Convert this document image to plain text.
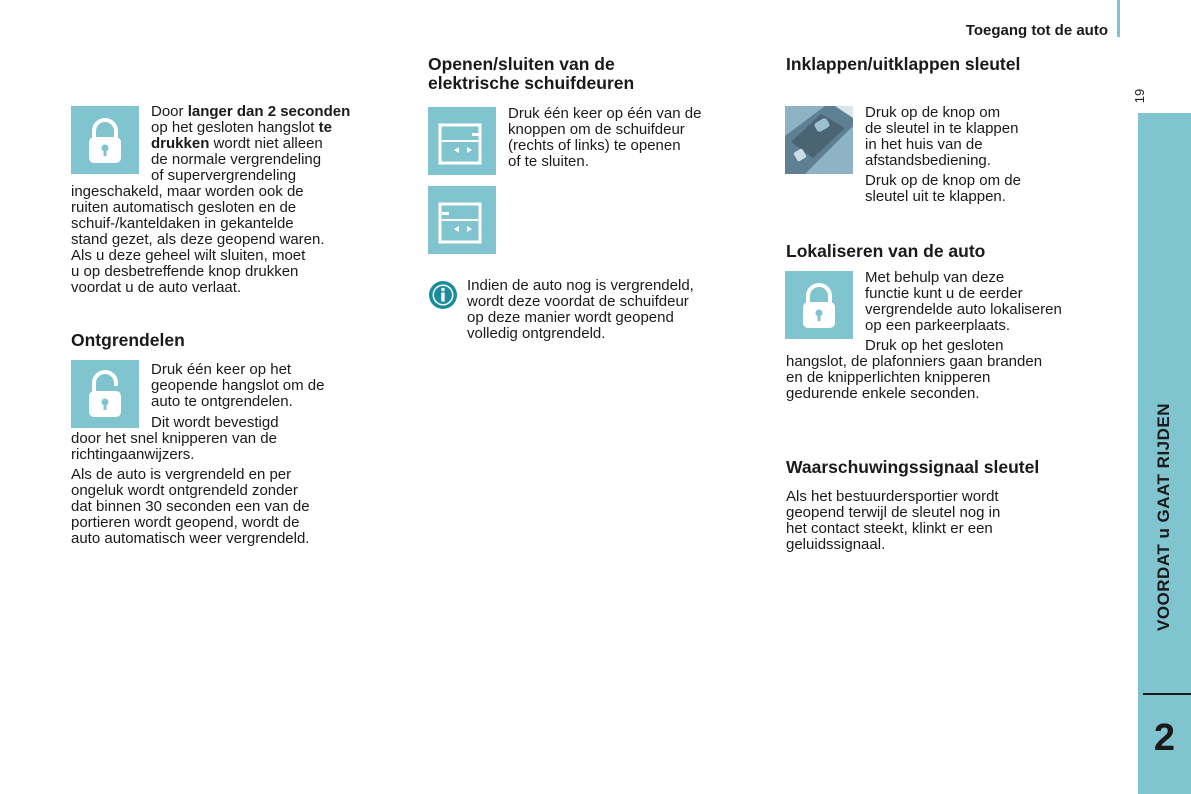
Toegang tot de auto
19
VOORDAT u GAAT RIJDEN
2
Door langer dan 2 seconden
op het gesloten hangslot te
drukken wordt niet alleen
de normale vergrendeling
of supervergrendeling
ingeschakeld, maar worden ook de
ruiten automatisch gesloten en de
schuif-/kanteldaken in gekantelde
stand gezet, als deze geopend waren.
Als u deze geheel wilt sluiten, moet
u op desbetreffende knop drukken
voordat u de auto verlaat.
Ontgrendelen
Druk één keer op het
geopende hangslot om de
auto te ontgrendelen.
Dit wordt bevestigd
door het snel knipperen van de
richtingaanwijzers.
Als de auto is vergrendeld en per
ongeluk wordt ontgrendeld zonder
dat binnen 30 seconden een van de
portieren wordt geopend, wordt de
auto automatisch weer vergrendeld.
Openen/sluiten van de
elektrische schuifdeuren
Druk één keer op één van de
knoppen om de schuifdeur
(rechts of links) te openen
of te sluiten.
Indien de auto nog is vergrendeld,
wordt deze voordat de schuifdeur
op deze manier wordt geopend
volledig ontgrendeld.
Inklappen/uitklappen sleutel
Druk op de knop om
de sleutel in te klappen
in het huis van de
afstandsbediening.
Druk op de knop om de
sleutel uit te klappen.
Lokaliseren van de auto
Met behulp van deze
functie kunt u de eerder
vergrendelde auto lokaliseren
op een parkeerplaats.
Druk op het gesloten
hangslot, de plafonniers gaan branden
en de knipperlichten knipperen
gedurende enkele seconden.
Waarschuwingssignaal sleutel
Als het bestuurdersportier wordt
geopend terwijl de sleutel nog in
het contact steekt, klinkt er een
geluidssignaal.
